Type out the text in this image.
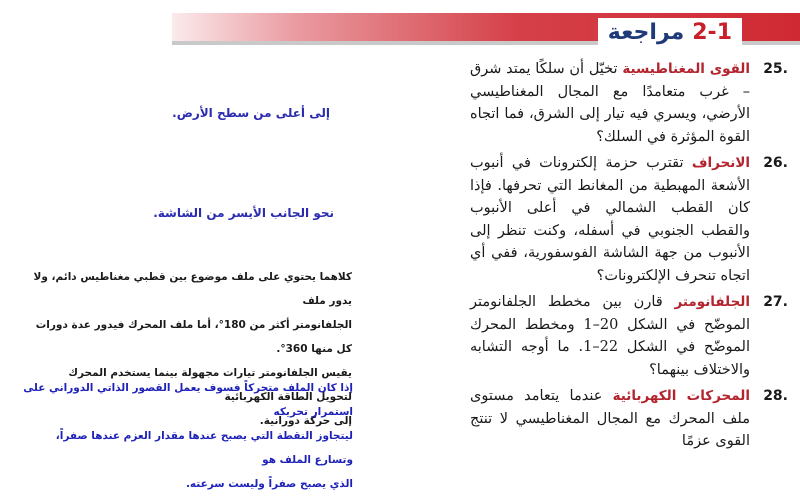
2-1مراجعة
25.
القوى المغناطيسية تخيّل أن سلكًا يمتد شرق – غرب متعامدًا مع المجال المغناطيسي الأرضي، ويسري فيه تيار إلى الشرق، فما اتجاه القوة المؤثرة في السلك؟
26.
الانحراف تقترب حزمة إلكترونات في أنبوب الأشعة المهبطية من المغانط التي تحرفها. فإذا كان القطب الشمالي في أعلى الأنبوب والقطب الجنوبي في أسفله، وكنت تنظر إلى الأنبوب من جهة الشاشة الفوسفورية، ففي أي اتجاه تنحرف الإلكترونات؟
27.
الجلفانومتر قارن بين مخطط الجلفانومتر الموضّح في الشكل 20–1 ومخطط المحرك الموضّح في الشكل 22–1. ما أوجه التشابه والاختلاف بينهما؟
28.
المحركات الكهربائية عندما يتعامد مستوى ملف المحرك مع المجال المغناطيسي لا تنتج القوى عزمًا
إلى أعلى من سطح الأرض.
نحو الجانب الأيسر من الشاشة.
كلاهما يحتوي على ملف موضوع بين قطبي مغناطيس دائم، ولا يدور ملف
الجلفانومتر أكثر من 180°، أما ملف المحرك فيدور عدة دورات كل منها 360°.
يقيس الجلفانومتر تيارات مجهولة بينما يستخدم المحرك لتحويل الطاقة الكهربائية
إلى حركة دورانية.
إذا كان الملف متحركاً فسوف يعمل القصور الذاتي الدوراني على استمرار تحريكه
ليتجاوز النقطة التي يصبح عندها مقدار العزم عندها صفراً، وتسارع الملف هو
الذي يصبح صفراً وليست سرعته.
